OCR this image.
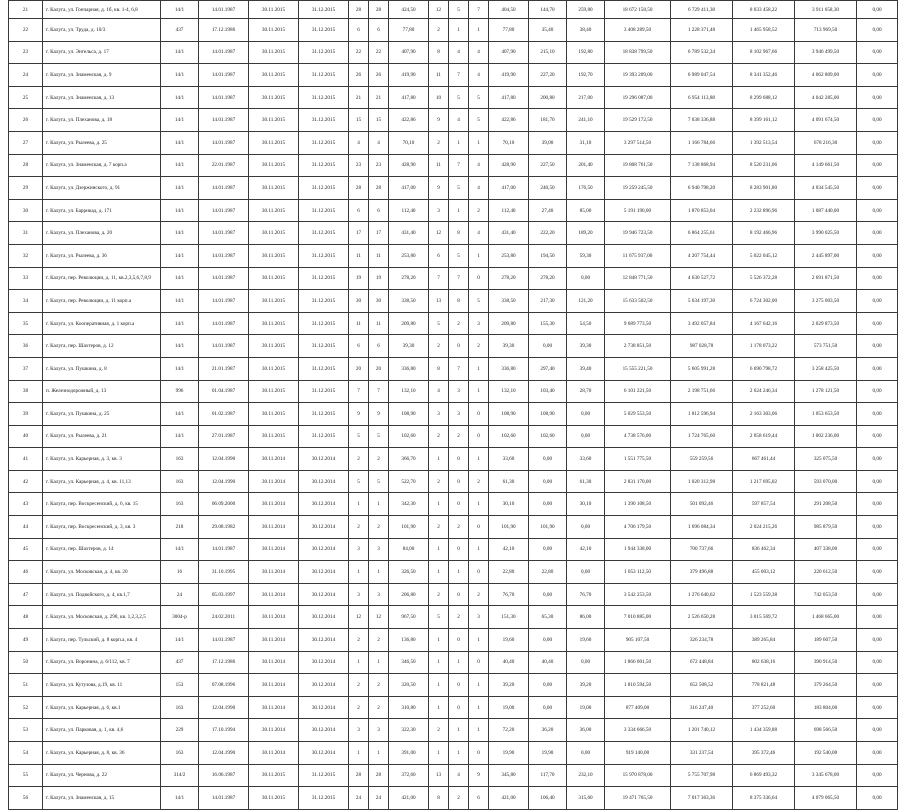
21	г. Калуга, ул. Гончарная, д. 1б, кв. 1-4, 6,8	14/1	14.01.1987	30.11.2015	31.12.2015	28	28	424,50	12	5	7	404,50	144,70	259,80	18 672 158,50	6 729 411,38	8 033 458,22	3 911 658,30	0,00
22	г. Калуга, ул. Труда, д. 10/3	437	17.12.1986	30.11.2015	31.12.2015	6	6	77,80	2	1	1	77,80	35,40	38,40	3 408 289,50	1 228 371,48	1 465 958,52	713 969,50	0,00
23	г. Калуга, ул. Энгельса, д. 17	14/1	14.01.1987	30.11.2015	31.12.2015	22	22	407,90	8	4	4	407,90	215,10	192,80	18 838 799,50	6 789 532,34	8 102 967,66	3 946 499,50	0,00
24	г. Калуга, ул. Знаменская, д. 9	14/1	14.01.1987	30.11.2015	31.12.2015	26	26	419,90	11	7	4	419,90	227,20	192,70	19 393 209,00	6 989 047,54	8 341 352,46	4 062 809,00	0,00
25	г. Калуга, ул. Знаменская, д. 13	14/1	14.01.1987	30.11.2015	31.12.2015	21	21	417,80	10	5	5	417,80	200,80	217,00	19 296 087,00	6 954 113,88	8 299 688,12	4 042 285,00	0,00
26	г. Калуга, ул. Плеханова, д. 18	14/1	14.01.1987	30.11.2015	31.12.2015	15	15	422,86	9	4	5	422,86	181,70	241,10	19 529 172,50	7 038 336,88	8 399 161,12	4 091 674,50	0,00
27	г. Калуга, ул. Рылеева, д. 25	14/1	14.01.1987	30.11.2015	31.12.2015	4	4	70,10	2	1	1	70,10	39,00	31,10	3 297 514,50	1 166 784,66	1 392 513,54	678 216,30	0,00
28	г. Калуга, ул. Знаменская, д. 7 корп.а	14/1	22.01.1987	30.11.2015	31.12.2015	23	23	428,90	11	7	4	428,90	227,50	201,40	19 808 761,50	7 138 868,94	8 520 231,06	4 149 661,50	0,00
29	г. Калуга, ул. Дзержинского, д. 91	14/1	14.01.1987	30.11.2015	31.12.2015	28	28	417,00	9	5	4	417,00	240,50	176,50	19 259 245,50	6 940 798,20	8 283 901,80	4 034 545,50	0,00
30	г. Калуга, ул. Баррикад, д. 171	14/1	14.01.1987	30.11.2015	31.12.2015	6	6	112,40	3	1	2	112,40	27,40	85,00	5 191 190,00	1 870 853,04	2 232 896,96	1 087 440,00	0,00
31	г. Калуга, ул. Плеханова, д. 20	14/1	14.01.1987	30.11.2015	31.12.2015	17	17	431,40	12	8	4	431,40	222,20	189,20	19 946 723,50	6 864 255,61	8 192 466,96	3 990 025,50	0,00
32	г. Калуга, ул. Рылеева, д. 36	14/1	14.01.1987	30.11.2015	31.12.2015	11	11	253,80	6	5	1	253,80	194,50	59,30	11 675 937,00	4 207 754,44	5 022 045,12	2 445 897,00	0,00
33	г. Калуга, пер. Революции, д. 11, кв.2,3,5,6,7,8,9	14/1	14.01.1987	30.11.2015	31.12.2015	19	19	278,20	7	7	0	278,20	278,20	0,00	12 848 771,50	4 630 527,72	5 526 372,28	2 691 871,50	0,00
34	г. Калуга, пер. Революции, д. 11 корп.а	14/1	14.01.1987	30.11.2015	31.12.2015	30	30	338,50	13	8	5	338,50	217,30	121,20	15 633 502,50	5 634 197,30	6 724 302,00	3 275 003,50	0,00
35	г. Калуга, ул. Кооперативная, д. 1 корп.а	14/1	14.01.1987	30.11.2015	31.12.2015	11	11	209,80	5	2	3	209,80	155,30	54,50	9 689 773,50	3 492 057,84	4 167 642,16	2 029 873,50	0,00
36	г. Калуга, пер. Шахтеров, д. 12	14/1	14.01.1987	30.11.2015	31.12.2015	6	6	39,30	2	0	2	39,30	0,00	39,30	2 738 851,50	987 028,78	1 178 073,22	573 751,50	0,00
37	г. Калуга, ул. Пушкина, д. 8	14/1	21.01.1987	30.11.2015	31.12.2015	20	20	336,80	8	7	1	336,80	297,40	39,40	15 555 221,50	5 605 991,28	6 690 798,72	3 258 425,50	0,00
38	п. Железнодорожный, д. 13	996	01.04.1987	30.11.2015	31.12.2015	7	7	132,10	4	3	1	132,10	103,40	28,70	6 101 221,50	2 198 751,66	2 624 246,34	1 278 121,50	0,00
39	г. Калуга, ул. Пушкина, д. 25	14/1	01.02.1987	30.11.2015	31.12.2015	9	9	108,90	3	3	0	108,90	108,90	0,00	5 029 553,50	1 812 596,94	2 163 303,06	1 053 653,50	0,00
40	г. Калуга, ул. Рылеева, д. 21	14/1	27.01.1987	30.11.2015	31.12.2015	5	5	102,60	2	2	0	102,60	102,60	0,00	4 738 576,00	1 724 765,60	2 058 619,44	1 002 236,00	0,00
41	г. Калуга, ул. Карьерная, д. 3, кв. 3	163	12.04.1990	30.11.2014	30.12.2014	2	2	366,70	1	0	1	33,60	0,00	33,60	1 551 775,50	559 259,56	667 461,44	325 075,50	0,00
42	г. Калуга, ул. Карьерная, д. 4, кв. 11,13	163	12.04.1990	30.11.2014	30.12.2014	5	5	522,70	2	0	2	61,30	0,00	61,30	2 831 170,00	1 020 312,98	1 217 695,02	593 070,00	0,00
43	г. Калуга, пер. Воскресенский, д. 6, кв. 15	163	06.09.2000	30.11.2014	30.12.2014	1	1	342,30	1	0	1	30,10	0,00	30,10	1 390 108,50	501 092,46	597 857,54	291 208,50	0,00
44	г. Калуга, пер. Воскресенский, д. 3, кв. 3	218	29.08.1982	30.11.2014	30.12.2014	2	2	101,90	2	2	0	101,90	101,90	0,00	4 706 179,50	1 696 084,34	2 024 215,26	985 879,50	0,00
45	г. Калуга, пер. Шахтеров, д. 14	14/1	14.01.1987	30.11.2014	30.12.2014	3	3	84,00	1	0	1	42,10	0,00	42,10	1 944 338,00	700 737,66	836 462,34	407 338,00	0,00
46	г. Калуга, ул. Московская, д. 4, кв. 20	16	31.10.1995	30.11.2014	30.12.2014	1	1	326,50	1	1	0	22,80	22,80	0,00	1 053 112,50	379 496,88	455 003,12	220 612,50	0,00
47	г. Калуга, ул. Подвойского, д. 4, кв.1,7	24	05.03.1997	30.11.2014	30.12.2014	3	3	206,80	2	0	2	76,70	0,00	76,70	3 542 253,50	1 276 640,62	1 523 559,38	742 053,50	0,00
48	г. Калуга, ул. Московская, д. 298, кв. 1,2,3,2,5	3004-р	24.02.2011	30.11.2014	30.12.2014	12	12	967,50	5	2	3	151,30	65,30	86,00	7 010 885,00	2 526 650,28	3 015 569,72	1 468 665,00	0,00
49	г. Калуга, пер. Тульский, д. 8 корп.а, кв. 4	14/1	14.01.1987	30.11.2014	30.12.2014	2	2	136,80	1	0	1	19,60	0,00	19,60	905 107,50	326 234,78	389 265,84	189 607,50	0,00
50	г. Калуга, ул. Воронина, д. 6/112, кв. 7	437	17.12.1986	30.11.2014	30.12.2014	1	1	346,50	1	1	0	40,40	40,40	0,00	1 866 001,50	672 448,84	802 638,16	390 914,50	0,00
51	г. Калуга, ул. Кутузова, д.19, кв. 11	153	07.08.1996	30.11.2014	30.12.2014	2	2	320,50	1	0	1	39,20	0,00	39,20	1 810 594,50	652 508,52	778 821,48	379 264,50	0,00
52	г. Калуга, ул. Карьерная, д. 6, кв.1	163	12.04.1990	30.11.2014	30.12.2014	2	2	310,80	1	0	1	19,00	0,00	19,00	877 409,00	316 247,40	377 252,60	183 804,00	0,00
53	г. Калуга, ул. Парковая, д. 1, кв. 4,6	229	17.10.1994	30.11.2014	30.12.2014	3	3	322,30	2	1	1	72,20	36,20	36,00	3 334 666,50	1 201 740,12	1 434 359,88	698 566,50	0,00
54	г. Калуга, ул. Карьерная, д. 8, кв. 36	163	12.04.1990	30.11.2014	30.12.2014	1	1	391,00	1	1	0	19,90	19,90	0,00	919 140,00	331 237,54	395 372,46	192 540,00	0,00
55	г. Калуга, ул. Чернова, д. 22	314/2	16.06.1987	30.11.2015	31.12.2015	28	28	372,60	13	4	9	345,80	117,70	232,10	15 970 878,00	5 755 707,98	6 869 493,32	3 345 678,00	0,00
56	г. Калуга, ул. Знаменская, д. 15	14/1	14.01.1987	30.11.2015	31.12.2015	24	24	421,00	8	2	6	421,00	106,40	315,60	19 471 765,50	7 017 363,36	8 375 336,64	4 079 065,50	0,00
